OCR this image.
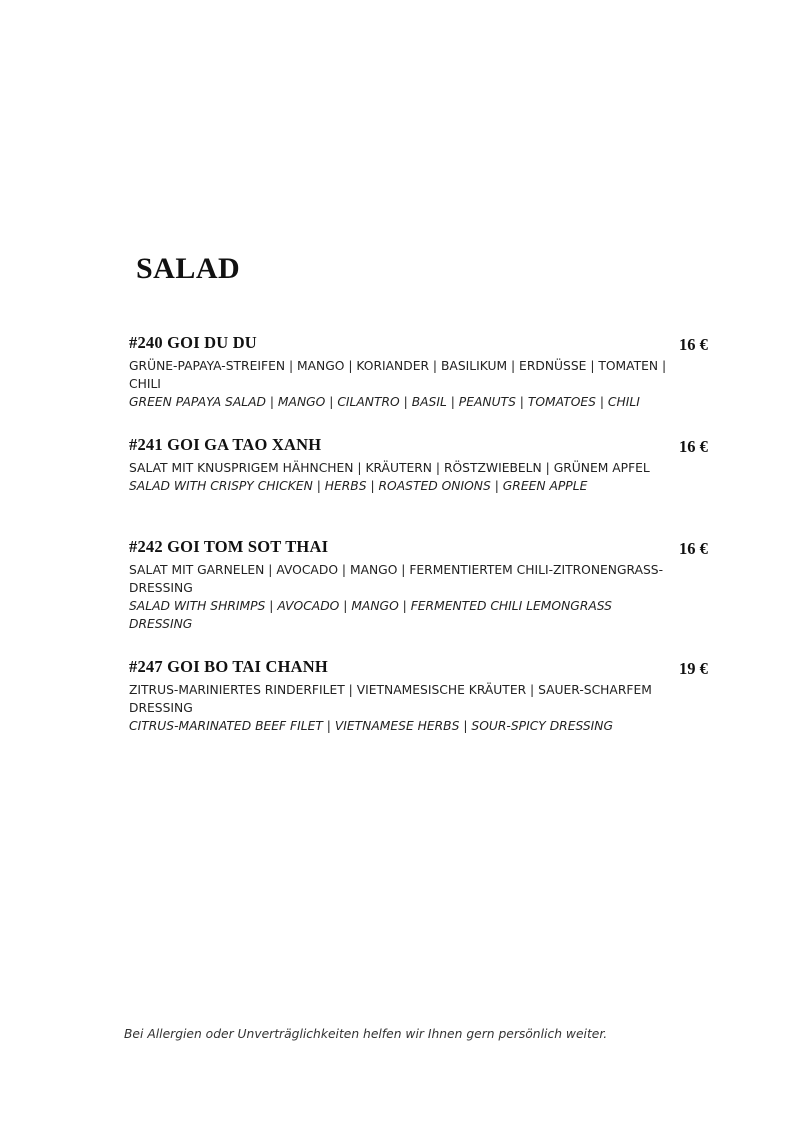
SALAD
#240 GOI DU DU	16 €
GRÜNE-PAPAYA-STREIFEN | MANGO | KORIANDER | BASILIKUM | ERDNÜSSE | TOMATEN | CHILI
GREEN PAPAYA SALAD | MANGO | CILANTRO | BASIL | PEANUTS | TOMATOES | CHILI
#241 GOI GA TAO XANH	16 €
SALAT MIT KNUSPRIGEM HÄHNCHEN | KRÄUTERN | RÖSTZWIEBELN | GRÜNEM APFEL
SALAD WITH CRISPY CHICKEN | HERBS | ROASTED ONIONS | GREEN APPLE
#242 GOI TOM SOT THAI	16 €
SALAT MIT GARNELEN | AVOCADO | MANGO | FERMENTIERTEM CHILI-ZITRONENGRASS-DRESSING
SALAD WITH SHRIMPS | AVOCADO | MANGO | FERMENTED CHILI LEMONGRASS DRESSING
#247 GOI BO TAI CHANH	19 €
ZITRUS-MARINIERTES RINDERFILET | VIETNAMESISCHE KRÄUTER | SAUER-SCHARFEM DRESSING
CITRUS-MARINATED BEEF FILET | VIETNAMESE HERBS | SOUR-SPICY DRESSING
Bei Allergien oder Unverträglichkeiten helfen wir Ihnen gern persönlich weiter.
